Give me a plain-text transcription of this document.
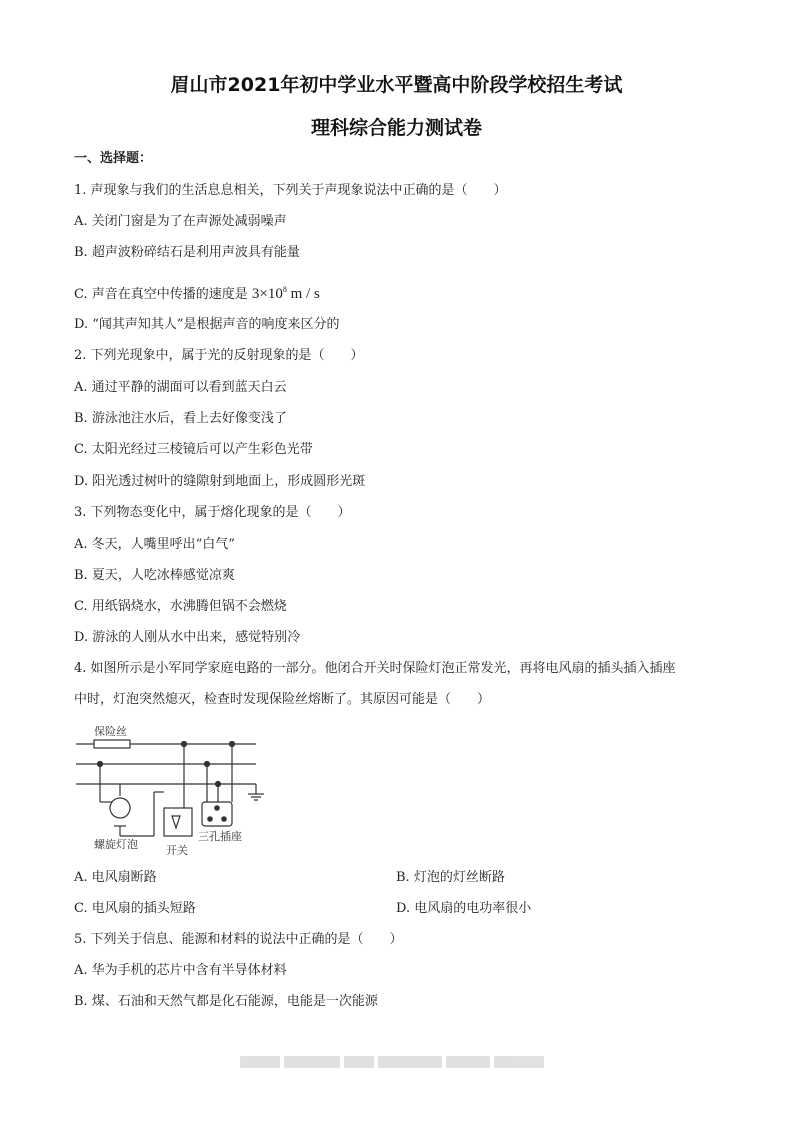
眉山市2021年初中学业水平暨高中阶段学校招生考试
理科综合能力测试卷
一、选择题：
1. 声现象与我们的生活息息相关，下列关于声现象说法中正确的是（　　）
A. 关闭门窗是为了在声源处减弱噪声
B. 超声波粉碎结石是利用声波具有能量
C. 声音在真空中传播的速度是 $3\times 10^8$ m / s
D. “闻其声知其人”是根据声音的响度来区分的
2. 下列光现象中，属于光的反射现象的是（　　）
A. 通过平静的湖面可以看到蓝天白云
B. 游泳池注水后，看上去好像变浅了
C. 太阳光经过三棱镜后可以产生彩色光带
D. 阳光透过树叶的缝隙射到地面上，形成圆形光斑
3. 下列物态变化中，属于熔化现象的是（　　）
A. 冬天，人嘴里呼出“白气”
B. 夏天，人吃冰棒感觉凉爽
C. 用纸锅烧水，水沸腾但锅不会燃烧
D. 游泳的人刚从水中出来，感觉特别冷
4. 如图所示是小军同学家庭电路的一部分。他闭合开关时保险灯泡正常发光，再将电风扇的插头插入插座
中时，灯泡突然熄灭，检查时发现保险丝熔断了。其原因可能是（　　）
保险丝
螺旋灯泡	开关
三孔插座
A. 电风扇断路	B. 灯泡的灯丝断路
C. 电风扇的插头短路	D. 电风扇的电功率很小
5. 下列关于信息、能源和材料的说法中正确的是（　　）
A. 华为手机的芯片中含有半导体材料
B. 煤、石油和天然气都是化石能源，电能是一次能源
